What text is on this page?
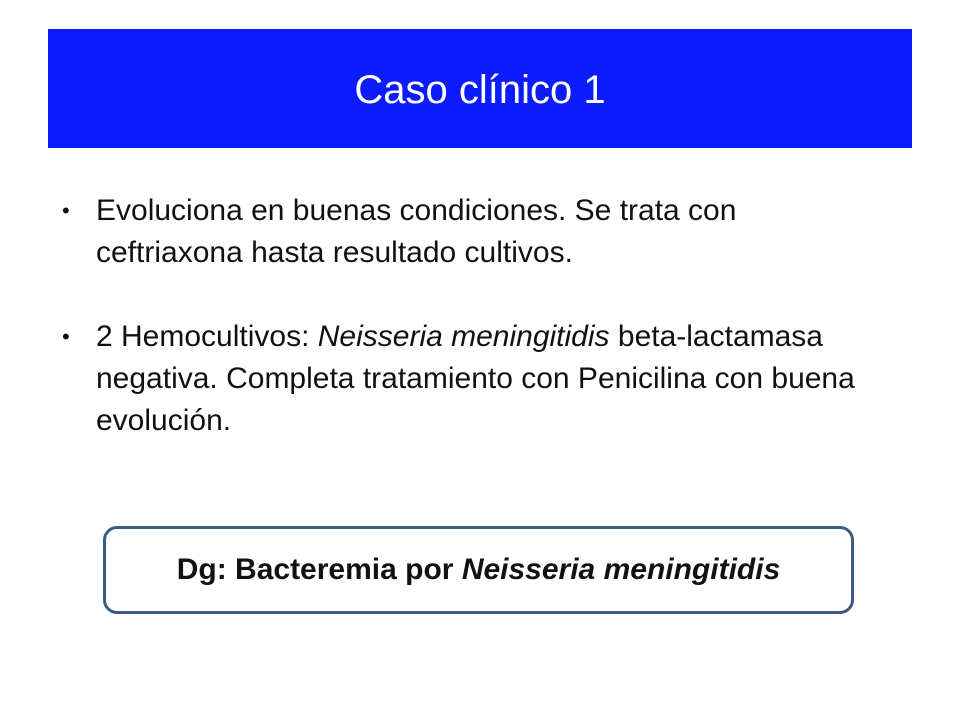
Caso clínico 1
• Evoluciona en buenas condiciones. Se trata con ceftriaxona hasta resultado cultivos.
• 2 Hemocultivos: Neisseria meningitidis beta-lactamasa negativa. Completa tratamiento con Penicilina con buena evolución.
Dg: Bacteremia por
Neisseria meningitidis
